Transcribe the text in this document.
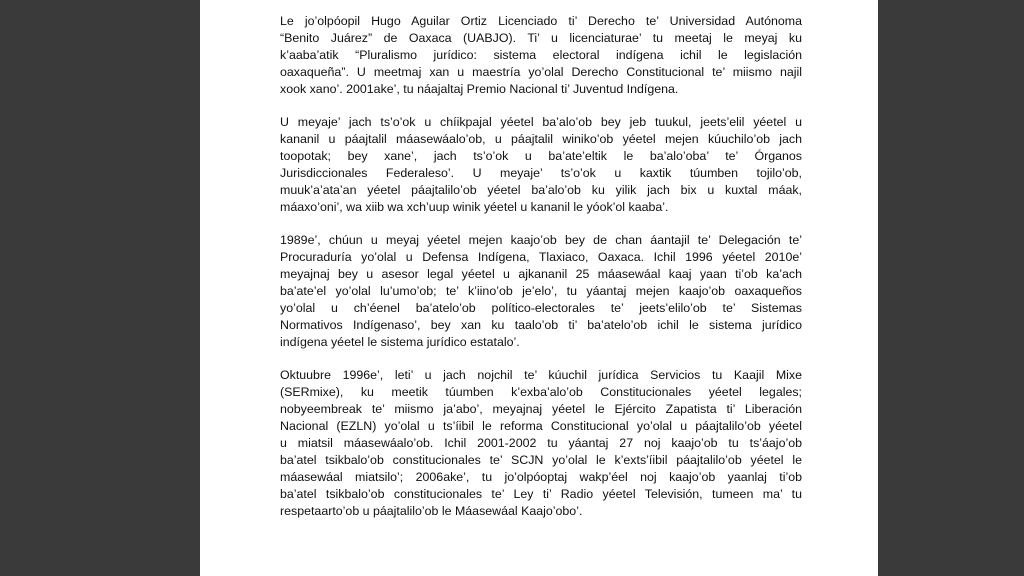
Le jo’olpóopil Hugo Aguilar Ortiz Licenciado ti’ Derecho te’ Universidad Autónoma
“Benito Juárez” de Oaxaca (UABJO). Ti’ u licenciaturae’ tu meetaj le meyaj ku
k’aaba’atik “Pluralismo jurídico: sistema electoral indígena ichil le legislación
oaxaqueña”. U meetmaj xan u maestría yo’olal Derecho Constitucional te’ miismo najil
xook xano’. 2001ake’, tu náajaltaj Premio Nacional ti’ Juventud Indígena.

U meyaje’ jach ts’o’ok u chíikpajal yéetel ba’alo’ob bey jeb tuukul, jeets’elil yéetel u
kananil u páajtalil máasewáalo’ob, u páajtalil winiko’ob yéetel mejen kúuchilo’ob jach
toopotak; bey xane’, jach ts’o’ok u ba’ate’eltik le ba’alo’oba’ te’ Órganos
Jurisdiccionales Federaleso’. U meyaje’ ts’o’ok u kaxtik túumben tojilo’ob,
muuk’a’ata’an yéetel páajtalilo’ob yéetel ba’alo’ob ku yilik jach bix u kuxtal máak,
máaxo’oni’, wa xiib wa xch’uup winik yéetel u kananil le yóok’ol kaaba’.

1989e’, chúun u meyaj yéetel mejen kaajo’ob bey de chan áantajil te’ Delegación te’
Procuraduría yo’olal u Defensa Indígena, Tlaxiaco, Oaxaca. Ichil 1996 yéetel 2010e’
meyajnaj bey u asesor legal yéetel u ajkananil 25 máasewáal kaaj yaan ti’ob ka’ach
ba’ate’el yo’olal lu’umo’ob; te’ k’iino’ob je’elo’, tu yáantaj mejen kaajo’ob oaxaqueños
yo’olal u ch’éenel ba’atelo’ob político-electorales te’ jeets’elilo’ob te’ Sistemas
Normativos Indígenaso’, bey xan ku taalo’ob ti’ ba’atelo’ob ichil le sistema jurídico
indígena yéetel le sistema jurídico estatalo’.

Oktuubre 1996e’, leti’ u jach nojchil te’ kúuchil jurídica Servicios tu Kaajil Mixe
(SERmixe), ku meetik túumben k’exba’alo’ob Constitucionales yéetel legales;
nobyeembreak te’ miismo ja’abo’, meyajnaj yéetel le Ejército Zapatista ti’ Liberación
Nacional (EZLN) yo’olal u ts’íibil le reforma Constitucional yo’olal u páajtalilo’ob yéetel
u miatsil máasewáalo’ob. Ichil 2001-2002 tu yáantaj 27 noj kaajo’ob tu ts’áajo’ob
ba’atel tsikbalo’ob constitucionales te’ SCJN yo’olal le k’exts’íibil páajtalilo’ob yéetel le
máasewáal miatsilo’; 2006ake’, tu jo’olpóoptaj wakp’éel noj kaajo’ob yaanlaj ti’ob
ba’atel tsikbalo’ob constitucionales te’ Ley ti’ Radio yéetel Televisión, tumeen ma’ tu
respetaarto’ob u páajtalilo’ob le Máasewáal Kaajo’obo’.
